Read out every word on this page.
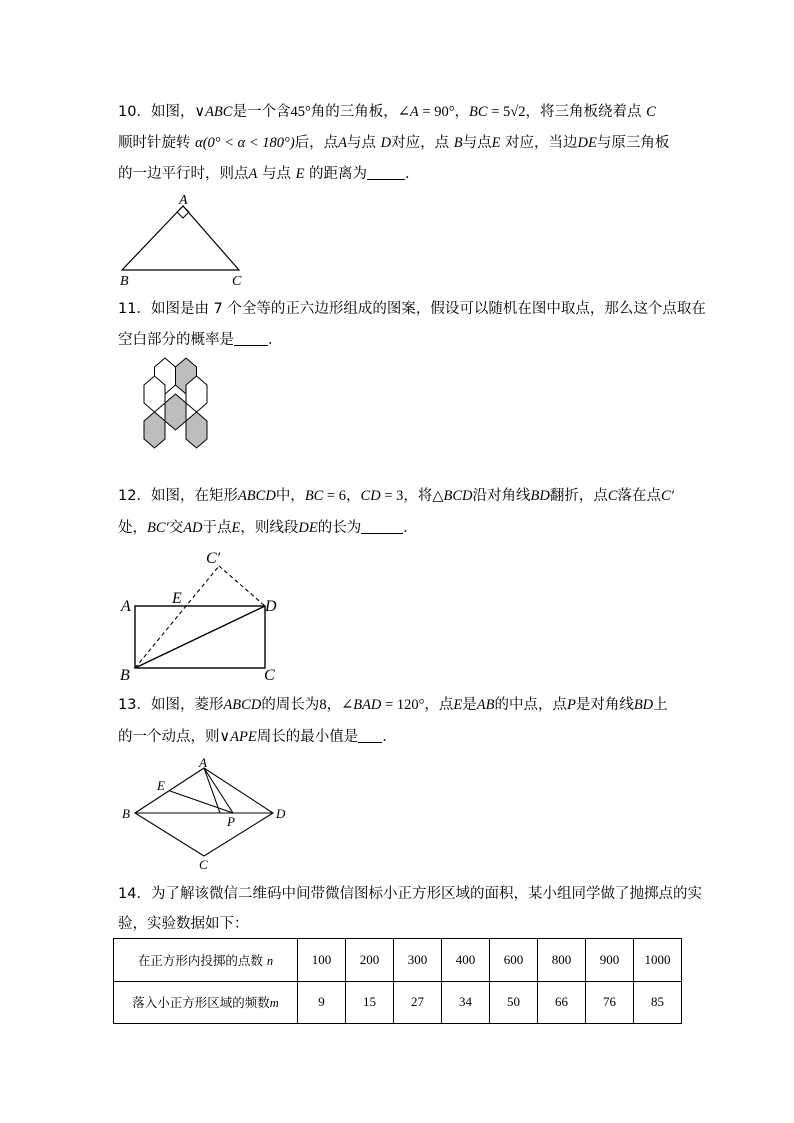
10．如图，∨ABC是一个含45°角的三角板，∠A = 90°，BC = 5√2，将三角板绕着点 C
顺时针旋转 α(0° < α < 180°)后，点A与点 D对应，点 B与点E 对应，当边DE与原三角板
的一边平行时，则点A 与点 E 的距离为	．
A
B	C
11．如图是由 7 个全等的正六边形组成的图案，假设可以随机在图中取点，那么这个点取在
空白部分的概率是 ．
12．如图，在矩形ABCD中，BC = 6，CD = 3，将△BCD沿对角线BD翻折，点C落在点C′
处，BC′交AD于点E，则线段DE的长为	．
A
B	C
D
E
C′
13．如图，菱形ABCD的周长为8，∠BAD = 120°，点E是AB的中点，点P是对角线BD上
的一个动点，则∨APE周长的最小值是 ．
A
B
C
D
E
P
14．为了解该微信二维码中间带微信图标小正方形区域的面积，某小组同学做了抛掷点的实
验，实验数据如下：
在正方形内投掷的点数 n	100	200	300	400	600	800	900	1000
落入小正方形区域的频数m	9	15	27	34	50	66	76	85
